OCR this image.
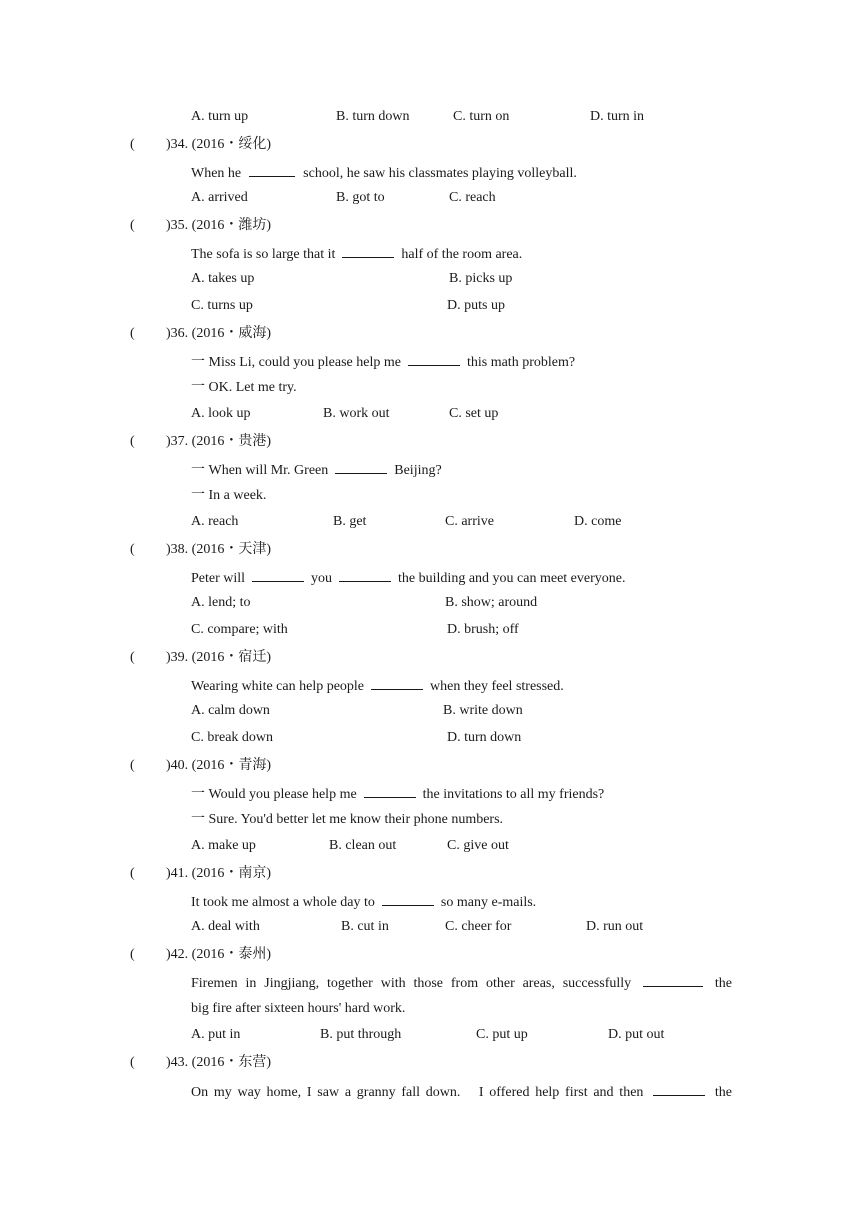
A. turn up	B. turn down	C. turn on	D. turn in
( )34. (2016・绥化)
When he	school, he saw his classmates playing volleyball.
A. arrived	B. got to	C. reach
( )35. (2016・潍坊)
The sofa is so large that it	half of the room area.
A. takes up	B. picks up
C. turns up	D. puts up
( )36. (2016・威海)
一 Miss Li, could you please help me	this math problem?
一 OK. Let me try.
A. look up	B. work out	C. set up
( )37. (2016・贵港)
一 When will Mr. Green	Beijing?
一 In a week.
A. reach	B. get	C. arrive	D. come
( )38. (2016・天津)
Peter will	you	the building and you can meet everyone.
A. lend; to	B. show; around
C. compare; with	D. brush; off
( )39. (2016・宿迁)
Wearing white can help people	when they feel stressed.
A. calm down	B. write down
C. break down	D. turn down
( )40. (2016・青海)
一 Would you please help me	the invitations to all my friends?
一 Sure. You'd better let me know their phone numbers.
A. make up	B. clean out	C. give out
( )41. (2016・南京)
It took me almost a whole day to	so many e-mails.
A. deal with	B. cut in	C. cheer for	D. run out
( )42. (2016・泰州)
Firemen in Jingjiang, together with those from other areas, successfully	the
big fire after sixteen hours' hard work.
A. put in	B. put through	C. put up	D. put out
( )43. (2016・东营)
On my way home, I saw a granny fall down.　I offered help first and then	the
